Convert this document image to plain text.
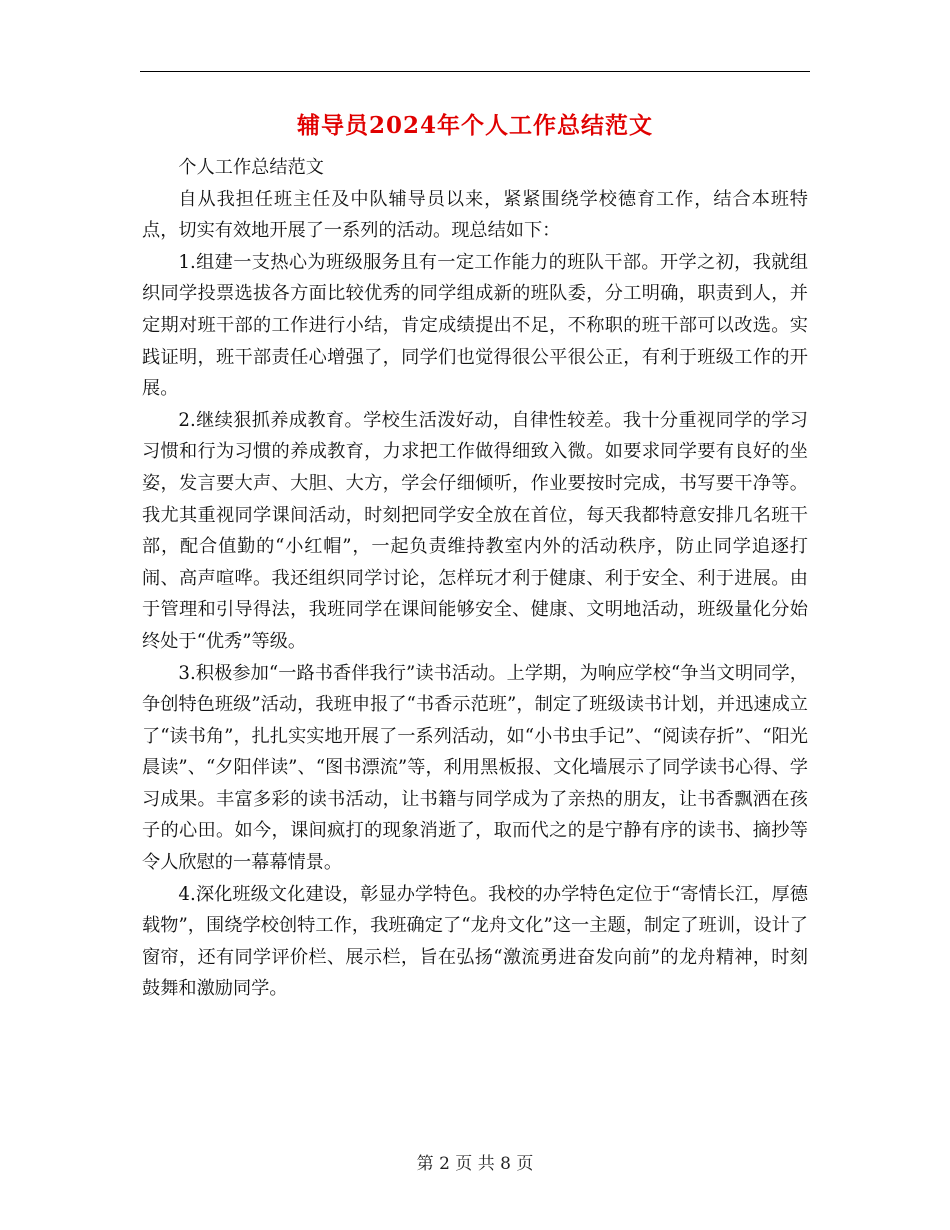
辅导员2024年个人工作总结范文

个人工作总结范文

自从我担任班主任及中队辅导员以来，紧紧围绕学校德育工作，结合本班特点，切实有效地开展了一系列的活动。现总结如下：

1.组建一支热心为班级服务且有一定工作能力的班队干部。开学之初，我就组织同学投票选拔各方面比较优秀的同学组成新的班队委，分工明确，职责到人，并定期对班干部的工作进行小结，肯定成绩提出不足，不称职的班干部可以改选。实践证明，班干部责任心增强了，同学们也觉得很公平很公正，有利于班级工作的开展。

2.继续狠抓养成教育。学校生活泼好动，自律性较差。我十分重视同学的学习习惯和行为习惯的养成教育，力求把工作做得细致入微。如要求同学要有良好的坐姿，发言要大声、大胆、大方，学会仔细倾听，作业要按时完成，书写要干净等。我尤其重视同学课间活动，时刻把同学安全放在首位，每天我都特意安排几名班干部，配合值勤的“小红帽”，一起负责维持教室内外的活动秩序，防止同学追逐打闹、高声喧哗。我还组织同学讨论，怎样玩才利于健康、利于安全、利于进展。由于管理和引导得法，我班同学在课间能够安全、健康、文明地活动，班级量化分始终处于“优秀”等级。

3.积极参加“一路书香伴我行”读书活动。上学期，为响应学校“争当文明同学，争创特色班级”活动，我班申报了“书香示范班”，制定了班级读书计划，并迅速成立了“读书角”，扎扎实实地开展了一系列活动，如“小书虫手记”、“阅读存折”、“阳光晨读”、“夕阳伴读”、“图书漂流”等，利用黑板报、文化墙展示了同学读书心得、学习成果。丰富多彩的读书活动，让书籍与同学成为了亲热的朋友，让书香飘洒在孩子的心田。如今，课间疯打的现象消逝了，取而代之的是宁静有序的读书、摘抄等令人欣慰的一幕幕情景。

4.深化班级文化建设，彰显办学特色。我校的办学特色定位于“寄情长江，厚德载物”，围绕学校创特工作，我班确定了“龙舟文化”这一主题，制定了班训，设计了窗帘，还有同学评价栏、展示栏，旨在弘扬“激流勇进奋发向前”的龙舟精神，时刻鼓舞和激励同学。

第 2 页 共 8 页
